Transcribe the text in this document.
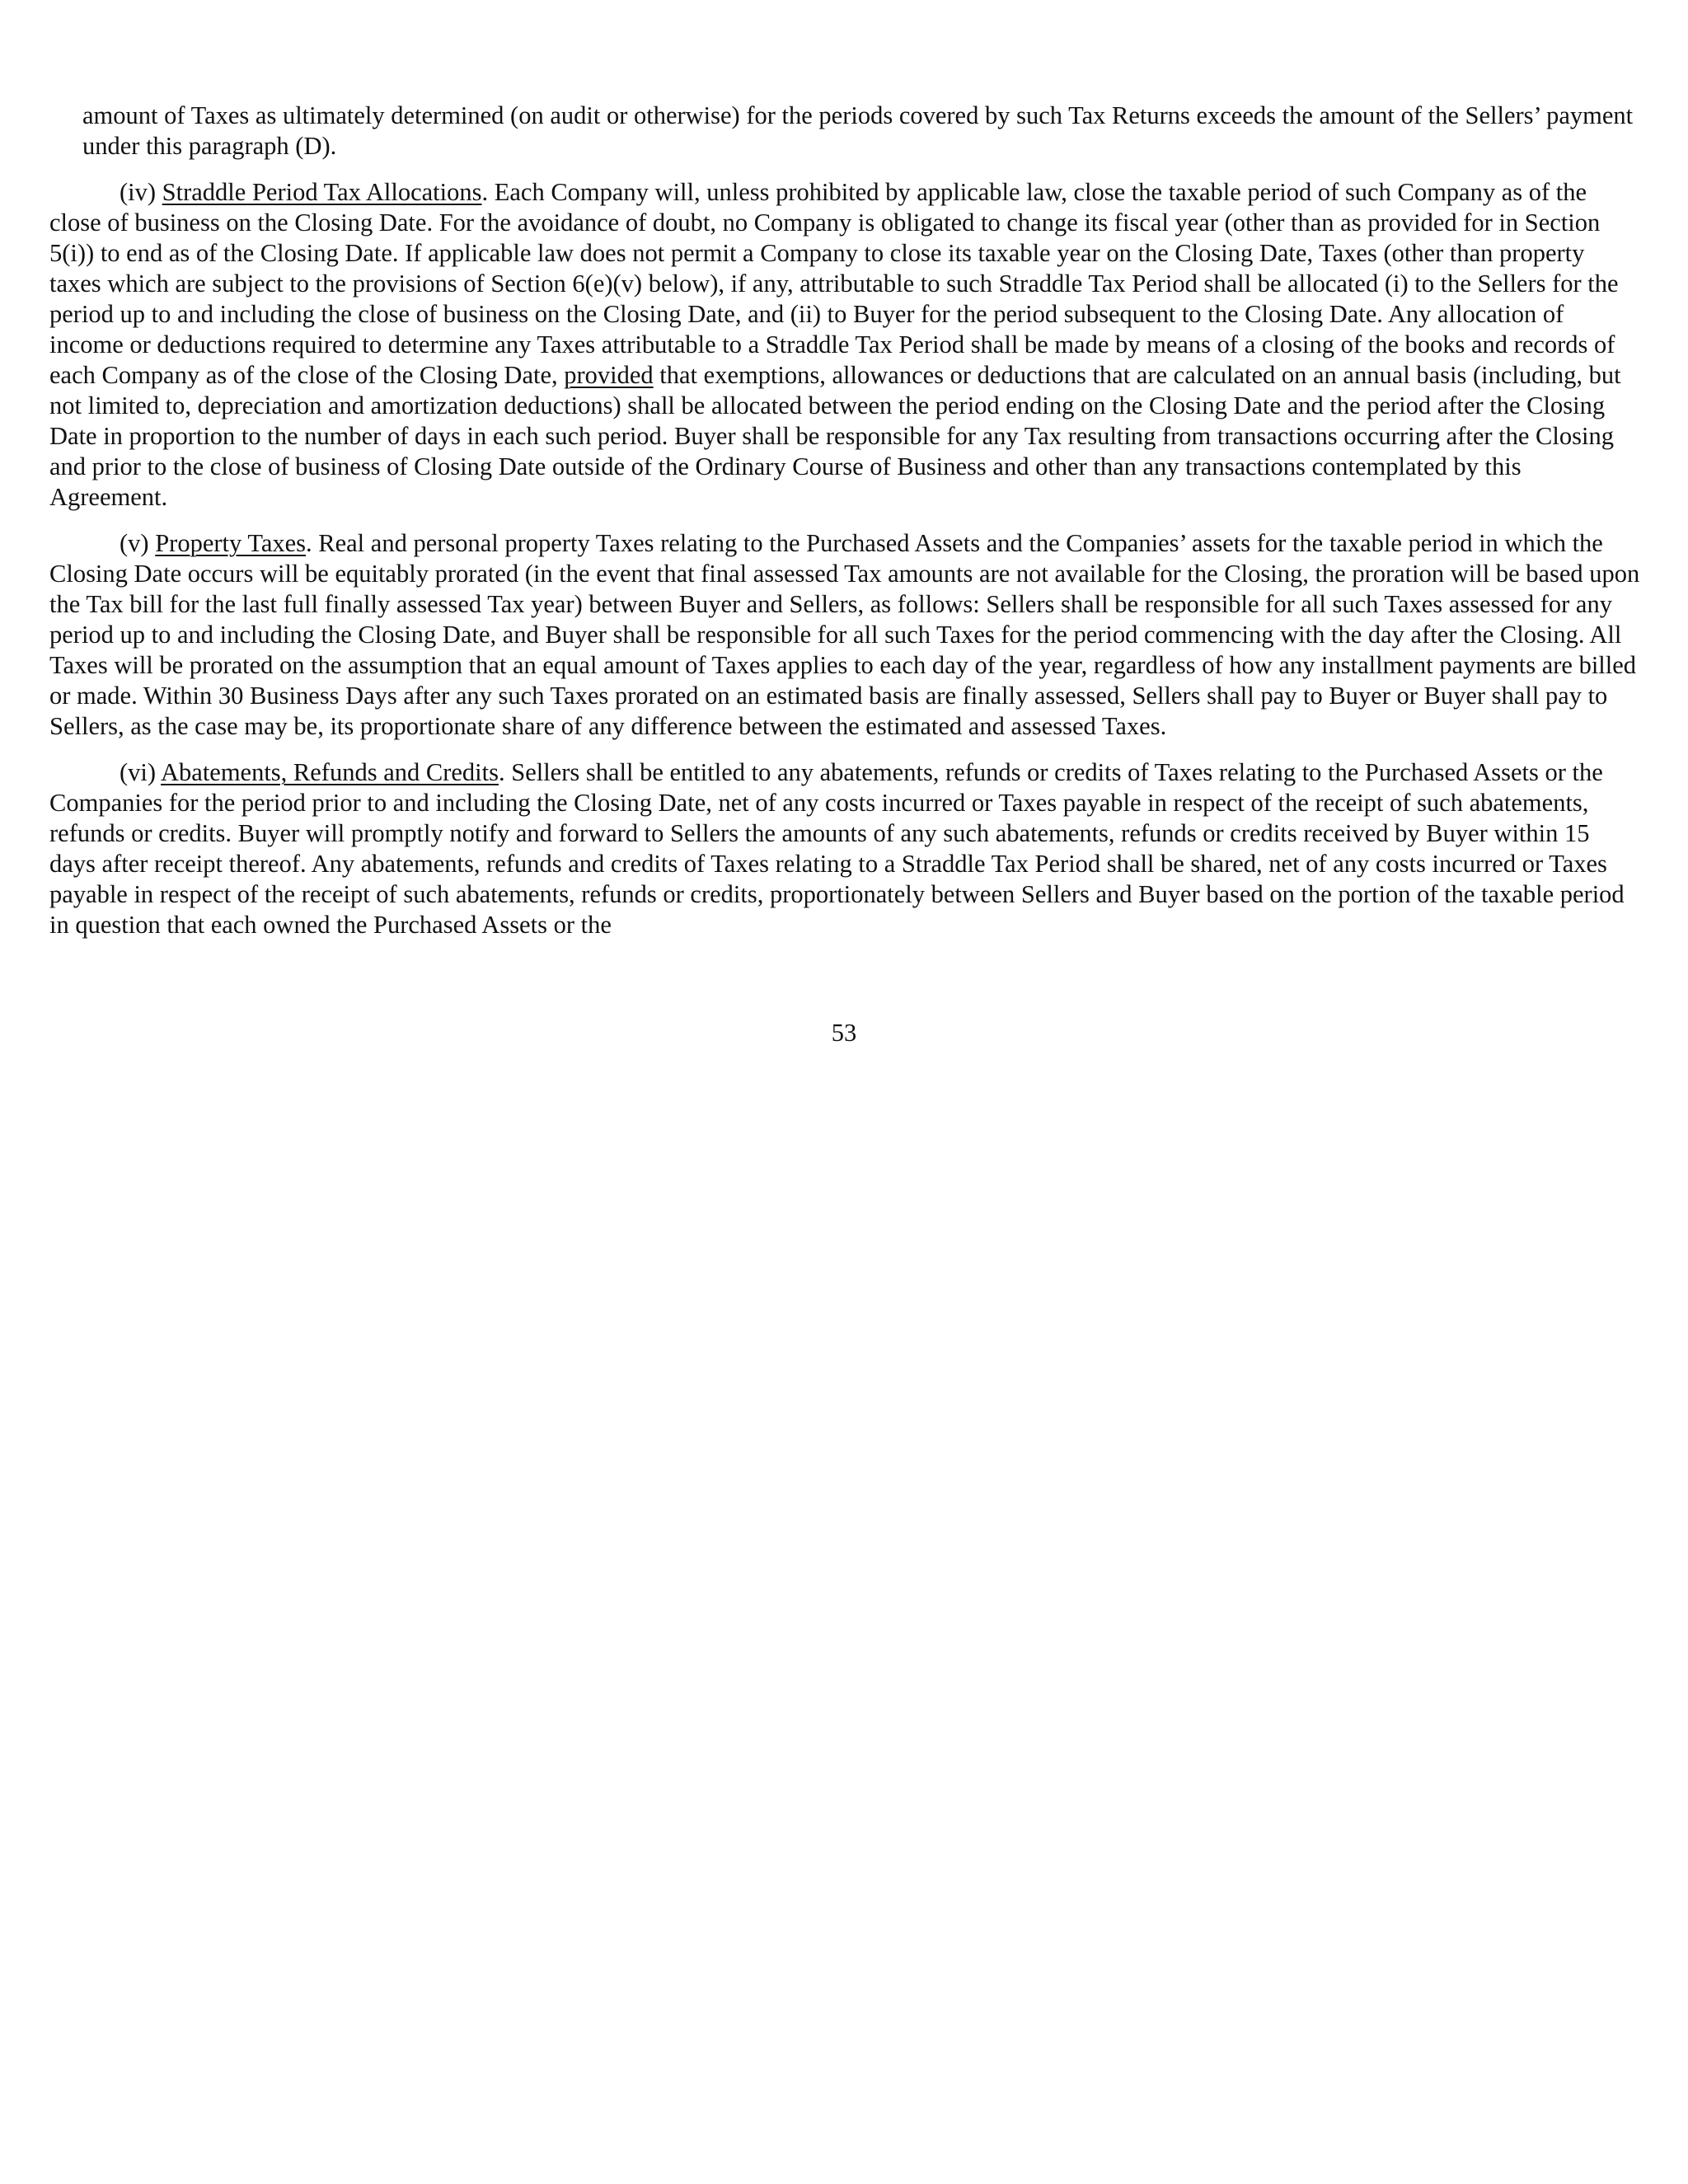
amount of Taxes as ultimately determined (on audit or otherwise) for the periods covered by such Tax Returns exceeds the amount of the Sellers’ payment under this paragraph (D).

(iv) Straddle Period Tax Allocations. Each Company will, unless prohibited by applicable law, close the taxable period of such Company as of the close of business on the Closing Date. For the avoidance of doubt, no Company is obligated to change its fiscal year (other than as provided for in Section 5(i)) to end as of the Closing Date. If applicable law does not permit a Company to close its taxable year on the Closing Date, Taxes (other than property taxes which are subject to the provisions of Section 6(e)(v) below), if any, attributable to such Straddle Tax Period shall be allocated (i) to the Sellers for the period up to and including the close of business on the Closing Date, and (ii) to Buyer for the period subsequent to the Closing Date. Any allocation of income or deductions required to determine any Taxes attributable to a Straddle Tax Period shall be made by means of a closing of the books and records of each Company as of the close of the Closing Date, provided that exemptions, allowances or deductions that are calculated on an annual basis (including, but not limited to, depreciation and amortization deductions) shall be allocated between the period ending on the Closing Date and the period after the Closing Date in proportion to the number of days in each such period. Buyer shall be responsible for any Tax resulting from transactions occurring after the Closing and prior to the close of business of Closing Date outside of the Ordinary Course of Business and other than any transactions contemplated by this Agreement.

(v) Property Taxes. Real and personal property Taxes relating to the Purchased Assets and the Companies’ assets for the taxable period in which the Closing Date occurs will be equitably prorated (in the event that final assessed Tax amounts are not available for the Closing, the proration will be based upon the Tax bill for the last full finally assessed Tax year) between Buyer and Sellers, as follows: Sellers shall be responsible for all such Taxes assessed for any period up to and including the Closing Date, and Buyer shall be responsible for all such Taxes for the period commencing with the day after the Closing. All Taxes will be prorated on the assumption that an equal amount of Taxes applies to each day of the year, regardless of how any installment payments are billed or made. Within 30 Business Days after any such Taxes prorated on an estimated basis are finally assessed, Sellers shall pay to Buyer or Buyer shall pay to Sellers, as the case may be, its proportionate share of any difference between the estimated and assessed Taxes.

(vi) Abatements, Refunds and Credits. Sellers shall be entitled to any abatements, refunds or credits of Taxes relating to the Purchased Assets or the Companies for the period prior to and including the Closing Date, net of any costs incurred or Taxes payable in respect of the receipt of such abatements, refunds or credits. Buyer will promptly notify and forward to Sellers the amounts of any such abatements, refunds or credits received by Buyer within 15 days after receipt thereof. Any abatements, refunds and credits of Taxes relating to a Straddle Tax Period shall be shared, net of any costs incurred or Taxes payable in respect of the receipt of such abatements, refunds or credits, proportionately between Sellers and Buyer based on the portion of the taxable period in question that each owned the Purchased Assets or the

53
